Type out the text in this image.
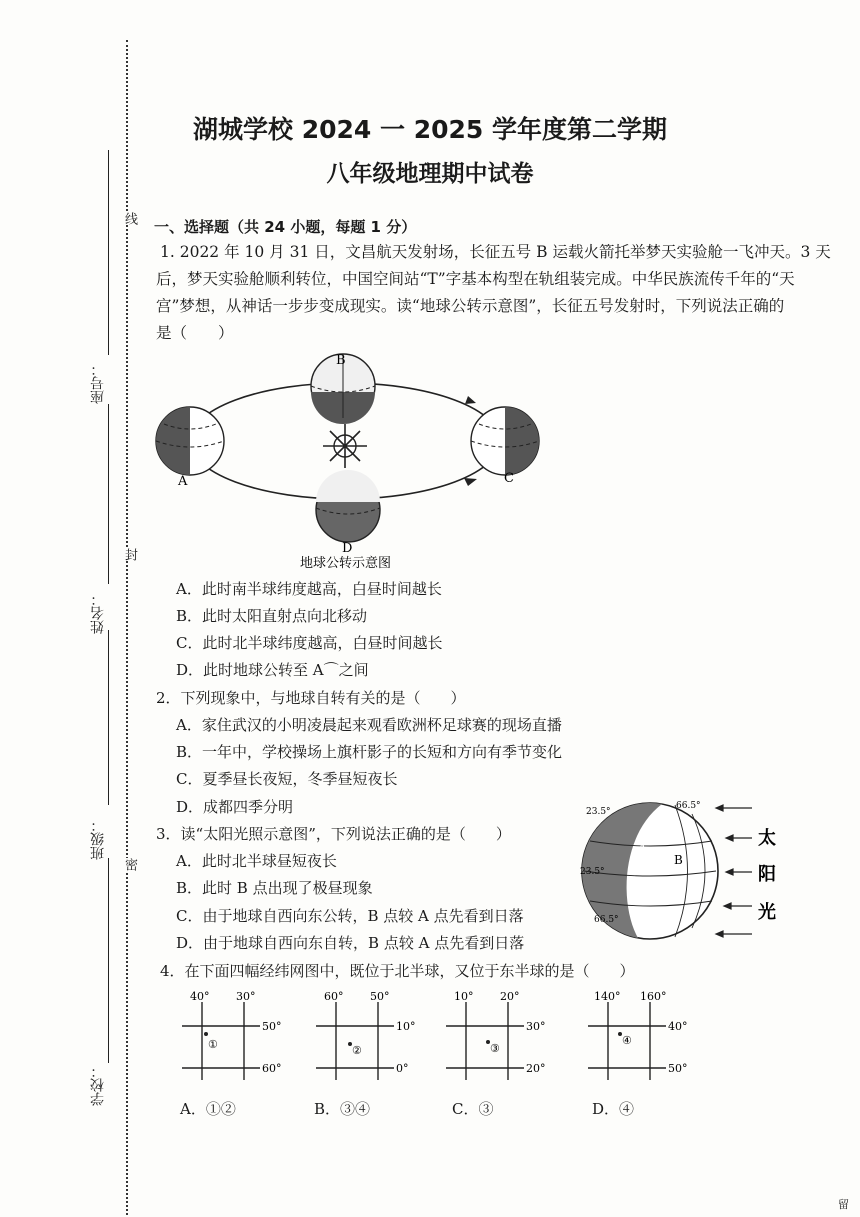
线
封
密
座号：
姓名：
班级：
学校：
湖城学校 2024 一 2025 学年度第二学期
八年级地理期中试卷
一、选择题（共 24 小题，每题 1 分）
1. 2022 年 10 月 31 日，文昌航天发射场，长征五号 B 运载火箭托举梦天实验舱一飞冲天。3 天
后，梦天实验舱顺利转位，中国空间站“T”字基本构型在轨组装完成。中华民族流传千年的“天
宫”梦想，从神话一步步变成现实。读“地球公转示意图”，长征五号发射时，下列说法正确的
是（　　）
B
A	C
D
地球公转示意图
A．此时南半球纬度越高，白昼时间越长
B．此时太阳直射点向北移动
C．此时北半球纬度越高，白昼时间越长
D．此时地球公转至 A⌒之间
2．下列现象中，与地球自转有关的是（　　）
A．家住武汉的小明凌晨起来观看欧洲杯足球赛的现场直播
B．一年中，学校操场上旗杆影子的长短和方向有季节变化
C．夏季昼长夜短，冬季昼短夜长
D．成都四季分明
3．读“太阳光照示意图”，下列说法正确的是（　　）
A．此时北半球昼短夜长
B．此时 B 点出现了极昼现象
C．由于地球自西向东公转，B 点较 A 点先看到日落
D．由于地球自西向东自转，B 点较 A 点先看到日落
23.5°
66.5°
23.5°
66.5°
A
B
太
阳
光
4．在下面四幅经纬网图中，既位于北半球，又位于东半球的是（　　）
40° 30°
50°
60°
①
60° 50°
10°
0°
②
10° 20°
30°
20°
③
140° 160°
40°
50°
④
A．①②	B．③④	C．③	D．④
留
